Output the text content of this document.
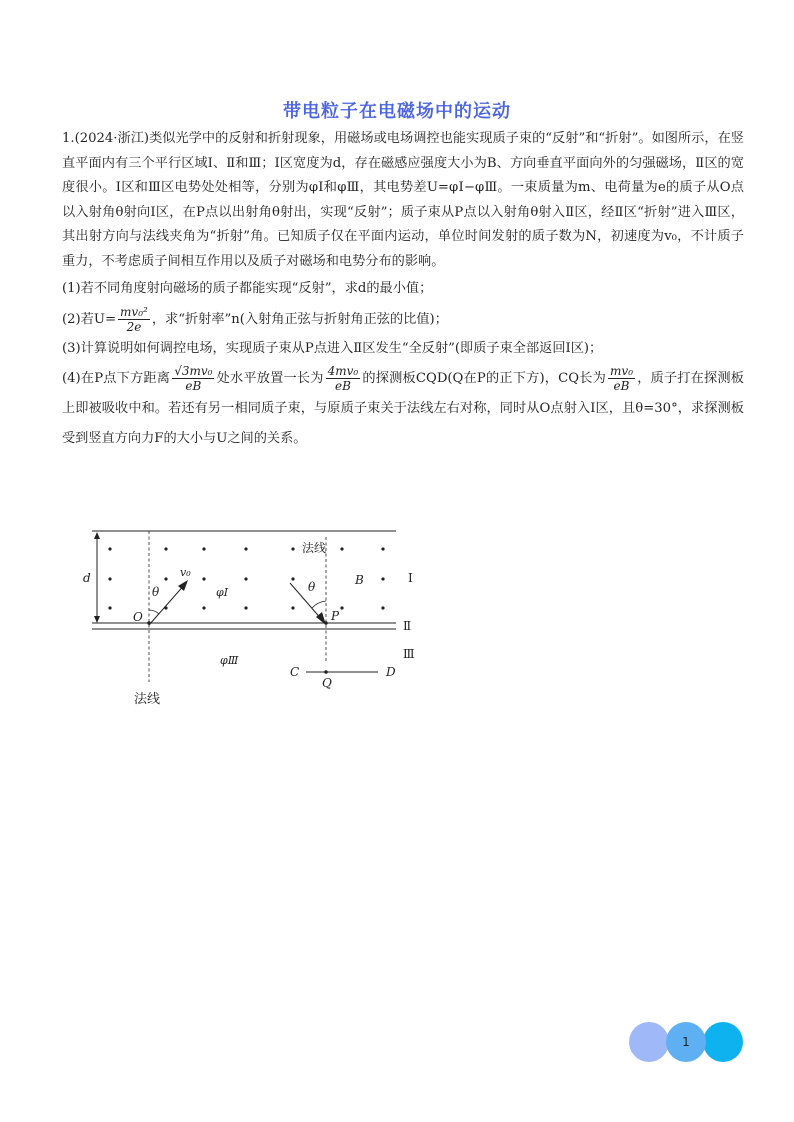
带电粒子在电磁场中的运动

1.(2024·浙江)类似光学中的反射和折射现象，用磁场或电场调控也能实现质子束的“反射”和“折射”。如图所示，在竖直平面内有三个平行区域Ⅰ、Ⅱ和Ⅲ；Ⅰ区宽度为d，存在磁感应强度大小为B、方向垂直平面向外的匀强磁场，Ⅱ区的宽度很小。Ⅰ区和Ⅲ区电势处处相等，分别为φⅠ和φⅢ，其电势差U=φⅠ−φⅢ。一束质量为m、电荷量为e的质子从O点以入射角θ射向Ⅰ区，在P点以出射角θ射出，实现“反射”；质子束从P点以入射角θ射入Ⅱ区，经Ⅱ区“折射”进入Ⅲ区，其出射方向与法线夹角为“折射”角。已知质子仅在平面内运动，单位时间发射的质子数为N，初速度为v₀，不计质子重力，不考虑质子间相互作用以及质子对磁场和电势分布的影响。

(1)若不同角度射向磁场的质子都能实现“反射”，求d的最小值；

(2)若$U= \frac{\text{mv₀²}}{2e}$ ，求“折射率”n(入射角正弦与折射角正弦的比值)；

(3)计算说明如何调控电场，实现质子束从P点进入Ⅱ区发生“全反射”(即质子束全部返回Ⅰ区)；

(4)在P点下方距离 $\frac{\text{√3mv₀}}{eB}$ 处水平放置一长为 $\frac{\text{4mv₀}}{eB}$ 的探测板CQD(Q在P的正下方)，CQ长为 $\frac{\text{mv₀}}{eB}$ ，质子打在探测板上即被吸收中和。若还有另一相同质子束，与原质子束关于法线左右对称，同时从O点射入Ⅰ区，且θ=30°，求探测板受到竖直方向力F的大小与U之间的关系。

d
θ
v₀
θ
φⅠ
B	Ⅰ
Ⅱ
Ⅲ
法线
O	P
φⅢ
C
Q
D
法线
1
